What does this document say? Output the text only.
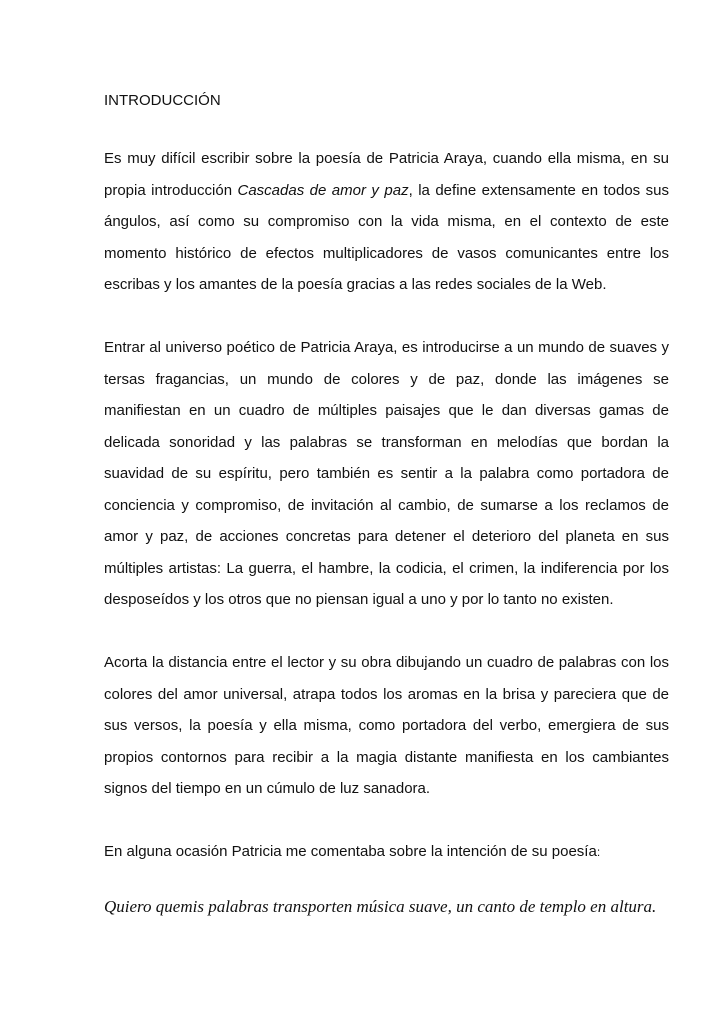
INTRODUCCIÓN

Es muy difícil escribir sobre la poesía de Patricia Araya, cuando ella misma, en su propia introducción Cascadas de amor y paz, la define extensamente en todos sus ángulos, así como su compromiso con la vida misma, en el contexto de este momento histórico de efectos multiplicadores de vasos comunicantes entre los escribas y los amantes de la poesía gracias a las redes sociales de la Web.

Entrar al universo poético de Patricia Araya, es introducirse a un mundo de suaves y tersas fragancias, un mundo de colores y de paz, donde las imágenes se manifiestan en un cuadro de múltiples paisajes que le dan diversas gamas de delicada sonoridad y las palabras se transforman en melodías que bordan la suavidad de su espíritu, pero también es sentir a la palabra como portadora de conciencia y compromiso, de invitación al cambio, de sumarse a los reclamos de amor y paz, de acciones concretas para detener el deterioro del planeta en sus múltiples artistas: La guerra, el hambre, la codicia, el crimen, la indiferencia por los desposeídos y los otros que no piensan igual a uno y por lo tanto no existen.

Acorta la distancia entre el lector y su obra dibujando un cuadro de palabras con los colores del amor universal, atrapa todos los aromas en la brisa y pareciera que de sus versos, la poesía y ella misma, como portadora del verbo, emergiera de sus propios contornos para recibir a la magia distante manifiesta en los cambiantes signos del tiempo en un cúmulo de luz sanadora.

En alguna ocasión Patricia me comentaba sobre la intención de su poesía:

Quiero quemis palabras transporten música suave, un canto de templo en altura.
